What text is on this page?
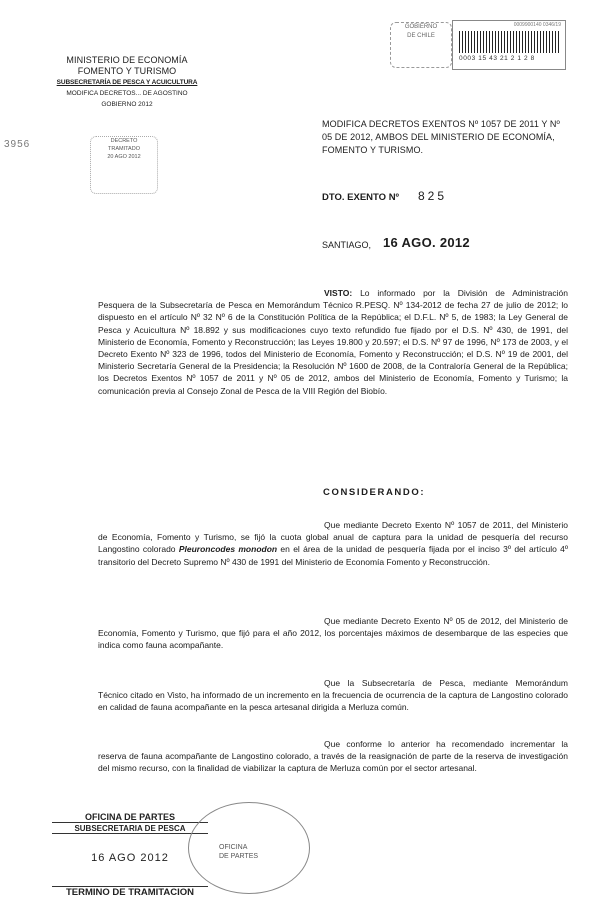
MINISTERIO DE ECONOMÍA
FOMENTO Y TURISMO
SUBSECRETARÍA DE PESCA Y ACUICULTURA
MODIFICA DECRETOS... DE AGOSTINO
GOBIERNO 2012
3956	DECRETO
TRAMITADO
20 AGO 2012
GOBIERNO
DE CHILE
0009900140 0346/19
0003 15 43 21 2 1 2 8
MODIFICA DECRETOS EXENTOS Nº 1057 DE 2011 Y Nº 05 DE 2012, AMBOS DEL MINISTERIO DE ECONOMÍA, FOMENTO Y TURISMO.
DTO. EXENTO Nº 825
SANTIAGO, 16 AGO. 2012
VISTO: Lo informado por la División de Administración Pesquera de la Subsecretaría de Pesca en Memorándum Técnico R.PESQ. Nº 134-2012 de fecha 27 de julio de 2012; lo dispuesto en el artículo Nº 32 Nº 6 de la Constitución Política de la República; el D.F.L. Nº 5, de 1983; la Ley General de Pesca y Acuicultura Nº 18.892 y sus modificaciones cuyo texto refundido fue fijado por el D.S. Nº 430, de 1991, del Ministerio de Economía, Fomento y Reconstrucción; las Leyes 19.800 y 20.597; el D.S. Nº 97 de 1996, Nº 173 de 2003, y el Decreto Exento Nº 323 de 1996, todos del Ministerio de Economía, Fomento y Reconstrucción; el D.S. Nº 19 de 2001, del Ministerio Secretaría General de la Presidencia; la Resolución Nº 1600 de 2008, de la Contraloría General de la República; los Decretos Exentos Nº 1057 de 2011 y Nº 05 de 2012, ambos del Ministerio de Economía, Fomento y Turismo; la comunicación previa al Consejo Zonal de Pesca de la VIII Región del Biobío.
CONSIDERANDO:
Que mediante Decreto Exento Nº 1057 de 2011, del Ministerio de Economía, Fomento y Turismo, se fijó la cuota global anual de captura para la unidad de pesquería del recurso Langostino colorado Pleuroncodes monodon en el área de la unidad de pesquería fijada por el inciso 3º del artículo 4º transitorio del Decreto Supremo Nº 430 de 1991 del Ministerio de Economía Fomento y Reconstrucción.
Que mediante Decreto Exento Nº 05 de 2012, del Ministerio de Economía, Fomento y Turismo, que fijó para el año 2012, los porcentajes máximos de desembarque de las especies que indica como fauna acompañante.
Que la Subsecretaría de Pesca, mediante Memorándum Técnico citado en Visto, ha informado de un incremento en la frecuencia de ocurrencia de la captura de Langostino colorado en calidad de fauna acompañante en la pesca artesanal dirigida a Merluza común.
Que conforme lo anterior ha recomendado incrementar la reserva de fauna acompañante de Langostino colorado, a través de la reasignación de parte de la reserva de investigación del mismo recurso, con la finalidad de viabilizar la captura de Merluza común por el sector artesanal.
OFICINA DE PARTES
SUBSECRETARIA DE PESCA
16 AGO 2012
TERMINO DE TRAMITACION
OFICINA
DE PARTES
